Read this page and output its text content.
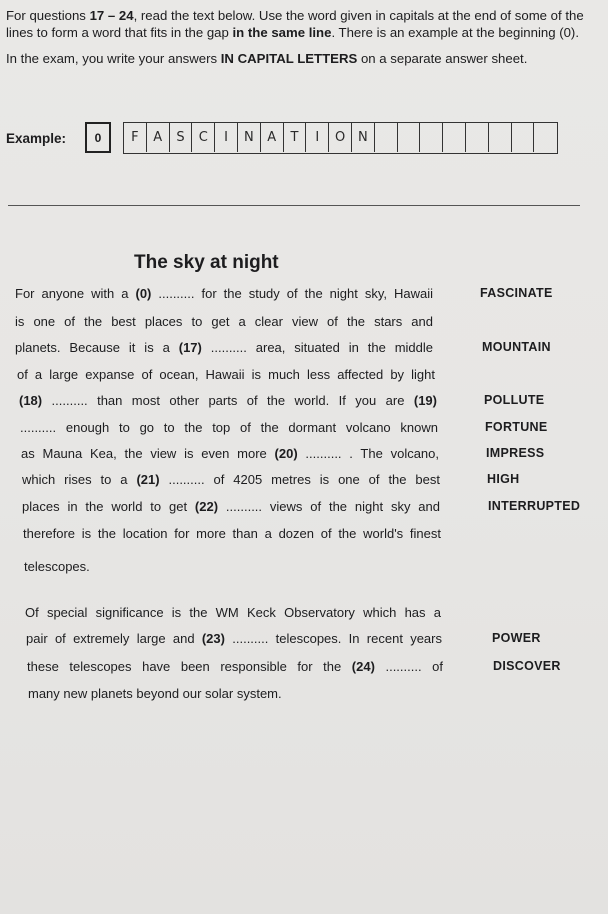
For questions 17 – 24, read the text below. Use the word given in capitals at the end of some of the lines to form a word that fits in the gap in the same line. There is an example at the beginning (0).

In the exam, you write your answers IN CAPITAL LETTERS on a separate answer sheet.

Example:	0	F	A	S	C	I	N	A	T	I	O N
The sky at night
For anyone with a (0) .......... for the study of the night sky, Hawaii	FASCINATE
is one of the best places to get a clear view of the stars and
planets. Because it is a (17) .......... area, situated in the middle	MOUNTAIN
of a large expanse of ocean, Hawaii is much less affected by light
(18) .......... than most other parts of the world. If you are (19)	POLLUTE
.......... enough to go to the top of the dormant volcano known	FORTUNE
as Mauna Kea, the view is even more (20) .......... . The volcano,	IMPRESS
which rises to a (21) .......... of 4205 metres is one of the best	HIGH
places in the world to get (22) .......... views of the night sky and	INTERRUPTED
therefore is the location for more than a dozen of the world's finest
telescopes.
Of special significance is the WM Keck Observatory which has a
pair of extremely large and (23) .......... telescopes. In recent years	POWER
these telescopes have been responsible for the (24) .......... of	DISCOVER
many new planets beyond our solar system.
